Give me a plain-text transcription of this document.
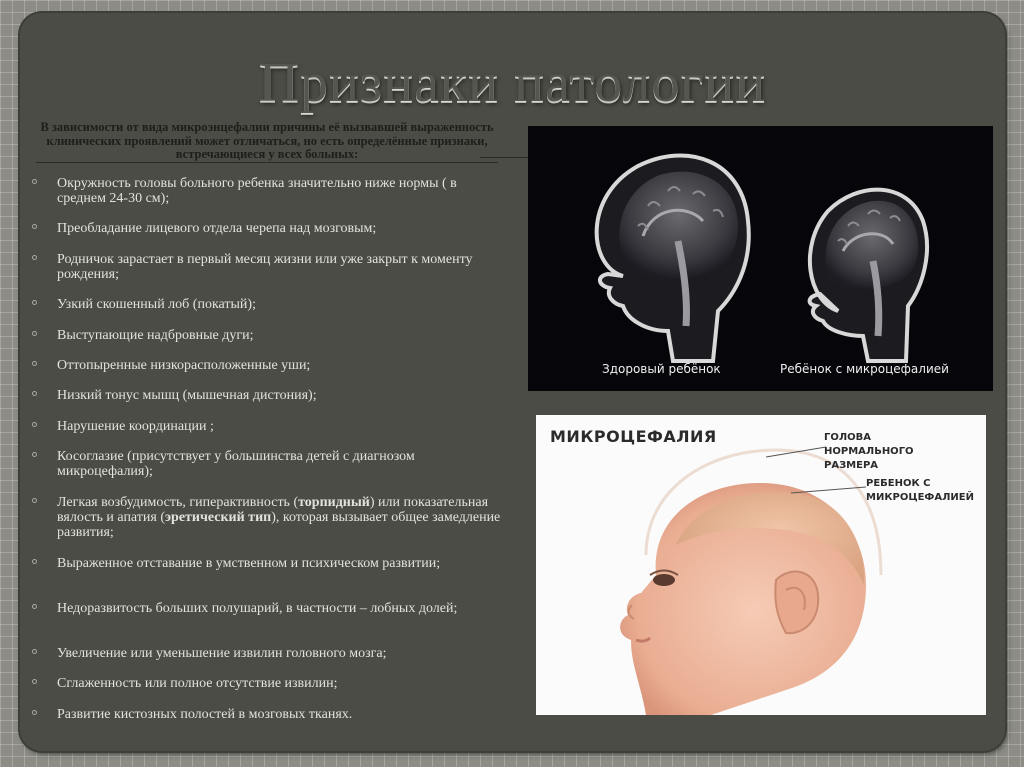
Признаки патологии
В зависимости от вида микроэнцефалии причины её вызвавшей выраженность клинических проявлений может отличаться, но есть определённые признаки, встречающиеся у всех больных:
Окружность головы больного ребенка значительно ниже нормы ( в среднем 24-30 см);
Преобладание лицевого отдела черепа над мозговым;
Родничок зарастает в первый месяц жизни или уже закрыт к моменту рождения;
Узкий скошенный лоб (покатый);
Выступающие надбровные дуги;
Оттопыренные низкорасположенные уши;
Низкий тонус мышц (мышечная дистония);
Нарушение координации ;
Косоглазие (присутствует у большинства детей с диагнозом микроцефалия);
Легкая возбудимость, гиперактивность (торпидный) или показательная вялость и апатия (эретический тип), которая вызывает общее замедление развития;
Выраженное отставание в умственном и психическом развитии;
Недоразвитость больших полушарий, в частности – лобных долей;
Увеличение или уменьшение извилин головного мозга;
Сглаженность или полное отсутствие извилин;
Развитие кистозных полостей в мозговых тканях.
Здоровый ребёнок	Ребёнок с микроцефалией
МИКРОЦЕФАЛИЯ	ГОЛОВА
НОРМАЛЬНОГО РАЗМЕРА
РЕБЕНОК С
МИКРОЦЕФАЛИЕЙ
